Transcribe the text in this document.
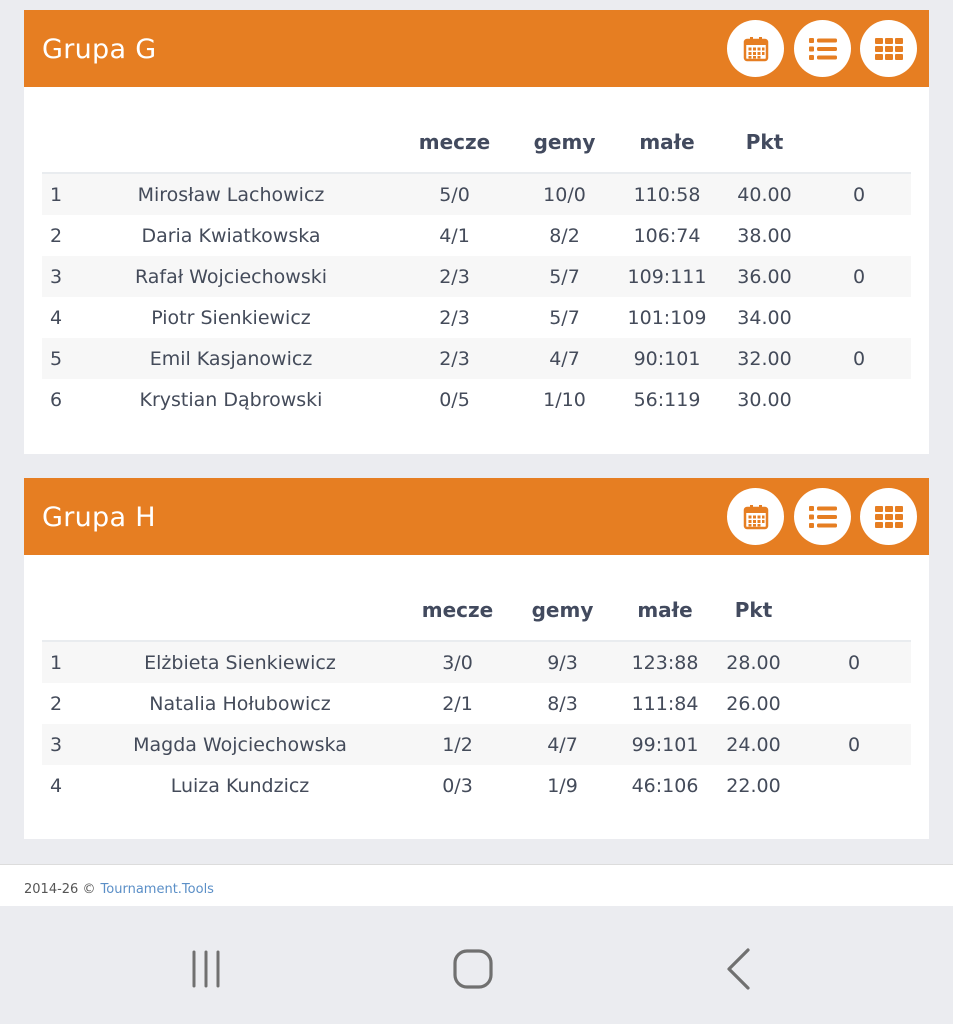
Grupa G
		mecze	gemy	małe	Pkt	
1	Mirosław Lachowicz	5/0	10/0	110:58	40.00	0
2	Daria Kwiatkowska	4/1	8/2	106:74	38.00	
3	Rafał Wojciechowski	2/3	5/7	109:111	36.00	0
4	Piotr Sienkiewicz	2/3	5/7	101:109	34.00	
5	Emil Kasjanowicz	2/3	4/7	90:101	32.00	0
6	Krystian Dąbrowski	0/5	1/10	56:119	30.00	
Grupa H
		mecze	gemy	małe	Pkt	
1	Elżbieta Sienkiewicz	3/0	9/3	123:88	28.00	0
2	Natalia Hołubowicz	2/1	8/3	111:84	26.00	
3	Magda Wojciechowska	1/2	4/7	99:101	24.00	0
4	Luiza Kundzicz	0/3	1/9	46:106	22.00	
2014-26 © Tournament.Tools
